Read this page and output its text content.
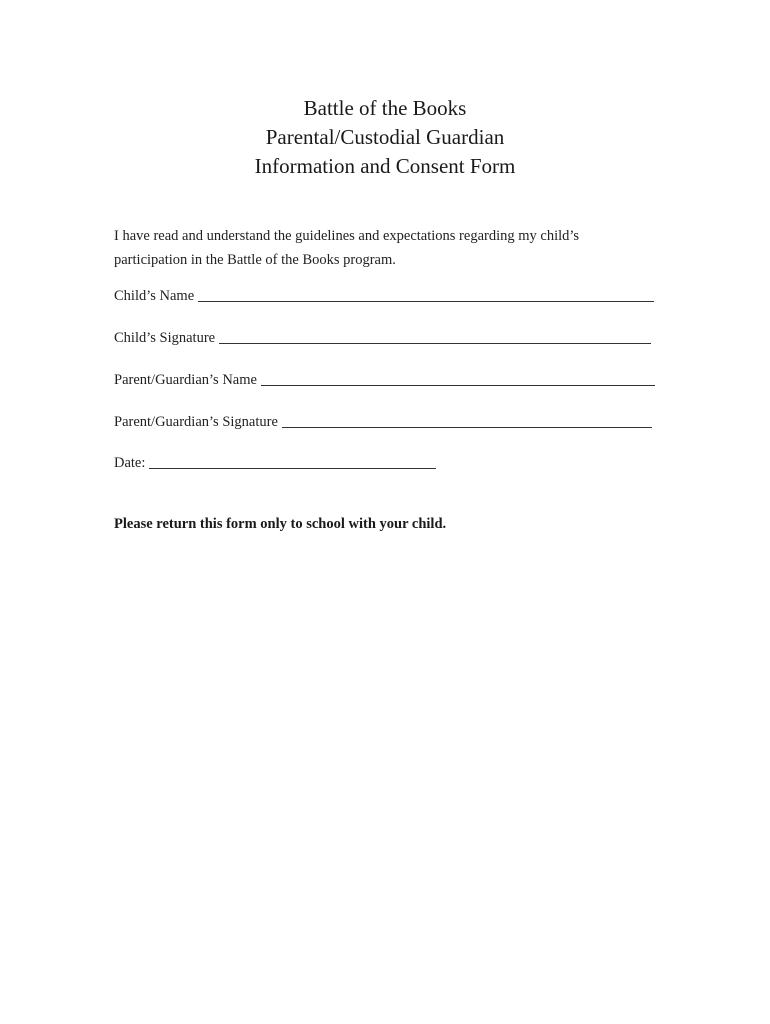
Battle of the Books
Parental/Custodial Guardian
Information and Consent Form
I have read and understand the guidelines and expectations regarding my child’s
participation in the Battle of the Books program.
Child’s Name
Child’s Signature
Parent/Guardian’s Name
Parent/Guardian’s Signature
Date:
Please return this form only to school with your child.
